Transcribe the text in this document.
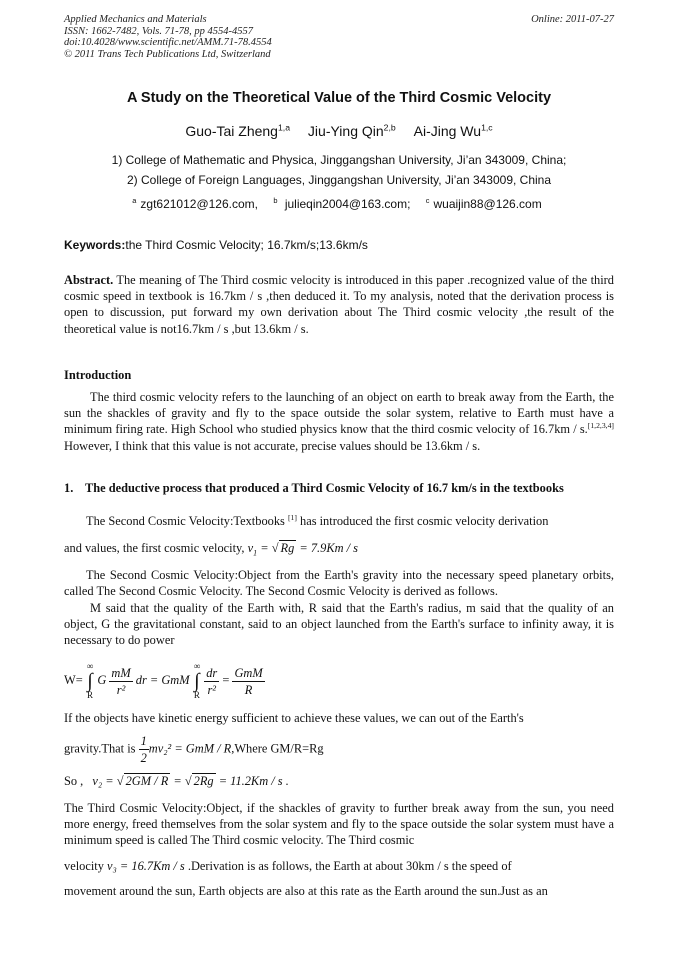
Applied Mechanics and Materials
ISSN: 1662-7482, Vols. 71-78, pp 4554-4557
doi:10.4028/www.scientific.net/AMM.71-78.4554
© 2011 Trans Tech Publications Ltd, Switzerland
Online: 2011-07-27
A Study on the Theoretical Value of the Third Cosmic Velocity
Guo-Tai Zheng$^{1,a}$ Jiu-Ying Qin$^{2,b}$ Ai-Jing Wu$^{1,c}$
1) College of Mathematic and Physica, Jinggangshan University, Ji’an 343009, China;
2) College of Foreign Languages, Jinggangshan University, Ji’an 343009, China
$^a$ zgt621012@126.com, $^b$ julieqin2004@163.com; $^c$ wuaijin88@126.com
Keywords:the Third Cosmic Velocity; 16.7km/s;13.6km/s
Abstract. The meaning of The Third cosmic velocity is introduced in this paper .recognized value of the third cosmic speed in textbook is 16.7km / s ,then deduced it. To my analysis, noted that the derivation process is open to discussion, put forward my own derivation about The Third cosmic velocity ,the result of the theoretical value is not16.7km / s ,but 13.6km / s.
Introduction
The third cosmic velocity refers to the launching of an object on earth to break away from the Earth, the sun the shackles of gravity and fly to the space outside the solar system, relative to Earth must have a minimum firing rate. High School who studied physics know that the third cosmic velocity of 16.7km / s.[1,2,3,4] However, I think that this value is not accurate, precise values should be 13.6km / s.
1. The deductive process that produced a Third Cosmic Velocity of 16.7 km/s in the textbooks
The Second Cosmic Velocity:Textbooks [1] has introduced the first cosmic velocity derivation
and values, the first cosmic velocity, $v_1$ = √ Rg = 7.9Km / s
The Second Cosmic Velocity:Object from the Earth's gravity into the necessary speed planetary orbits, called The Second Cosmic Velocity. The Second Cosmic Velocity is derived as follows.
M said that the quality of the Earth with, R said that the Earth's radius, m said that the quality of an object, G the gravitational constant, said to an object launched from the Earth's surface to infinity away, it is necessary to do power
W= ∞
∫
R G $\frac{mM}{\text{r²}}$ dr = GmM ∞
∫
R $\frac{dr}{\text{r²}} = \frac{\text{GmM}}{R}$
If the objects have kinetic energy sufficient to achieve these values, we can out of the Earth's
gravity.That is $\frac{1}{2} mv_2^2$ = GmM / R,Where GM/R=Rg
So , v₂ = √ 2GM / R = √ 2Rg = 11.2Km / s .
The Third Cosmic Velocity:Object, if the shackles of gravity to further break away from the sun, you need more energy, freed themselves from the solar system and fly to the space outside the solar system must have a minimum speed is called The Third cosmic velocity. The Third cosmic
velocity v₃ = 16.7Km / s .Derivation is as follows, the Earth at about 30km / s the speed of
movement around the sun, Earth objects are also at this rate as the Earth around the sun.Just as an
